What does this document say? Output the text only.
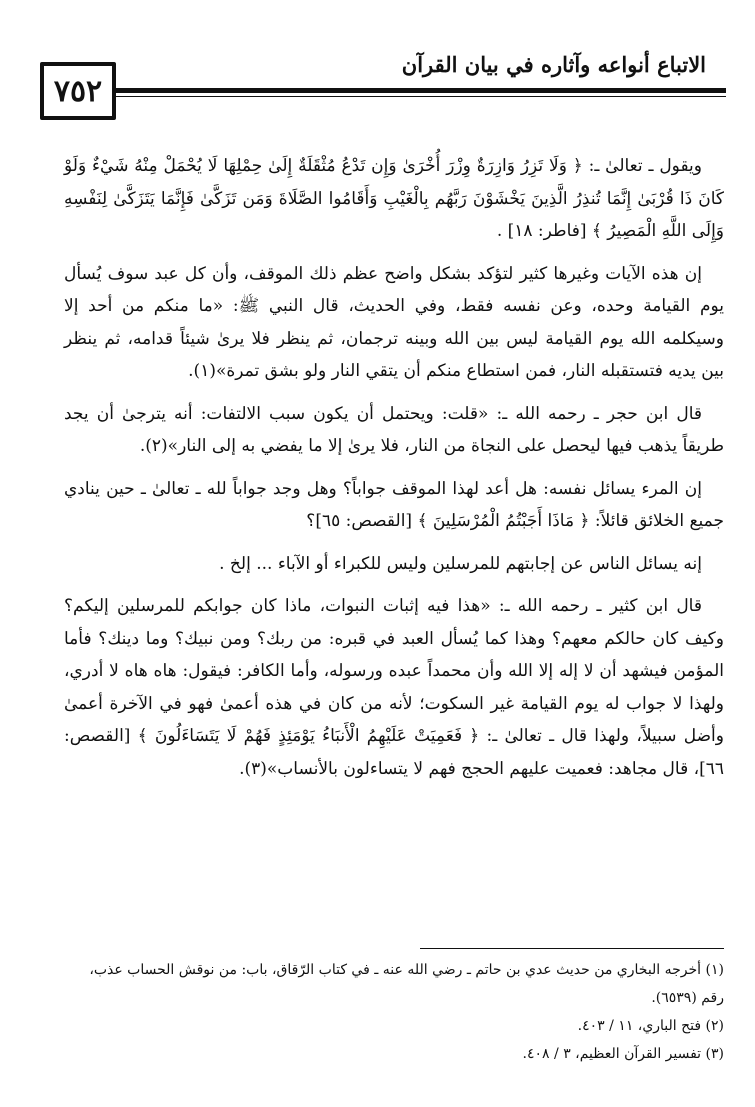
٧٥٢
الاتباع أنواعه وآثاره في بيان القرآن

ويقول ـ تعالىٰ ـ: ﴿ وَلَا تَزِرُ وَازِرَةٌ وِزْرَ أُخْرَىٰ وَإِن تَدْعُ مُثْقَلَةٌ إِلَىٰ حِمْلِهَا لَا يُحْمَلْ مِنْهُ شَيْءٌ وَلَوْ كَانَ ذَا قُرْبَىٰ إِنَّمَا تُنذِرُ الَّذِينَ يَخْشَوْنَ رَبَّهُم بِالْغَيْبِ وَأَقَامُوا الصَّلَاةَ وَمَن تَزَكَّىٰ فَإِنَّمَا يَتَزَكَّىٰ لِنَفْسِهِ وَإِلَى اللَّهِ الْمَصِيرُ ﴾ [فاطر: ١٨] .

إن هذه الآيات وغيرها كثير لتؤكد بشكل واضح عظم ذلك الموقف، وأن كل عبد سوف يُسأل يوم القيامة وحده، وعن نفسه فقط، وفي الحديث، قال النبي ﷺ: «ما منكم من أحد إلا وسيكلمه الله يوم القيامة ليس بين الله وبينه ترجمان، ثم ينظر فلا يرىٰ شيئاً قدامه، ثم ينظر بين يديه فتستقبله النار، فمن استطاع منكم أن يتقي النار ولو بشق تمرة»(١).

قال ابن حجر ـ رحمه الله ـ: «قلت: ويحتمل أن يكون سبب الالتفات: أنه يترجىٰ أن يجد طريقاً يذهب فيها ليحصل على النجاة من النار، فلا يرىٰ إلا ما يفضي به إلى النار»(٢).

إن المرء يسائل نفسه: هل أعد لهذا الموقف جواباً؟ وهل وجد جواباً لله ـ تعالىٰ ـ حين ينادي جميع الخلائق قائلاً: ﴿ مَاذَا أَجَبْتُمُ الْمُرْسَلِينَ ﴾ [القصص: ٦٥]؟

إنه يسائل الناس عن إجابتهم للمرسلين وليس للكبراء أو الآباء ... إلخ .

قال ابن كثير ـ رحمه الله ـ: «هذا فيه إثبات النبوات، ماذا كان جوابكم للمرسلين إليكم؟ وكيف كان حالكم معهم؟ وهذا كما يُسأل العبد في قبره: من ربك؟ ومن نبيك؟ وما دينك؟ فأما المؤمن فيشهد أن لا إله إلا الله وأن محمداً عبده ورسوله، وأما الكافر: فيقول: هاه هاه لا أدري، ولهذا لا جواب له يوم القيامة غير السكوت؛ لأنه من كان في هذه أعمىٰ فهو في الآخرة أعمىٰ وأضل سبيلاً، ولهذا قال ـ تعالىٰ ـ: ﴿ فَعَمِيَتْ عَلَيْهِمُ الْأَنبَاءُ يَوْمَئِذٍ فَهُمْ لَا يَتَسَاءَلُونَ ﴾ [القصص: ٦٦]، قال مجاهد: فعميت عليهم الحجج فهم لا يتساءلون بالأنساب»(٣).

(١) أخرجه البخاري من حديث عدي بن حاتم ـ رضي الله عنه ـ في كتاب الرّقاق، باب: من نوقش الحساب عذب، رقم (٦٥٣٩).

(٢) فتح الباري، ١١ / ٤٠٣.

(٣) تفسير القرآن العظيم، ٣ / ٤٠٨.
